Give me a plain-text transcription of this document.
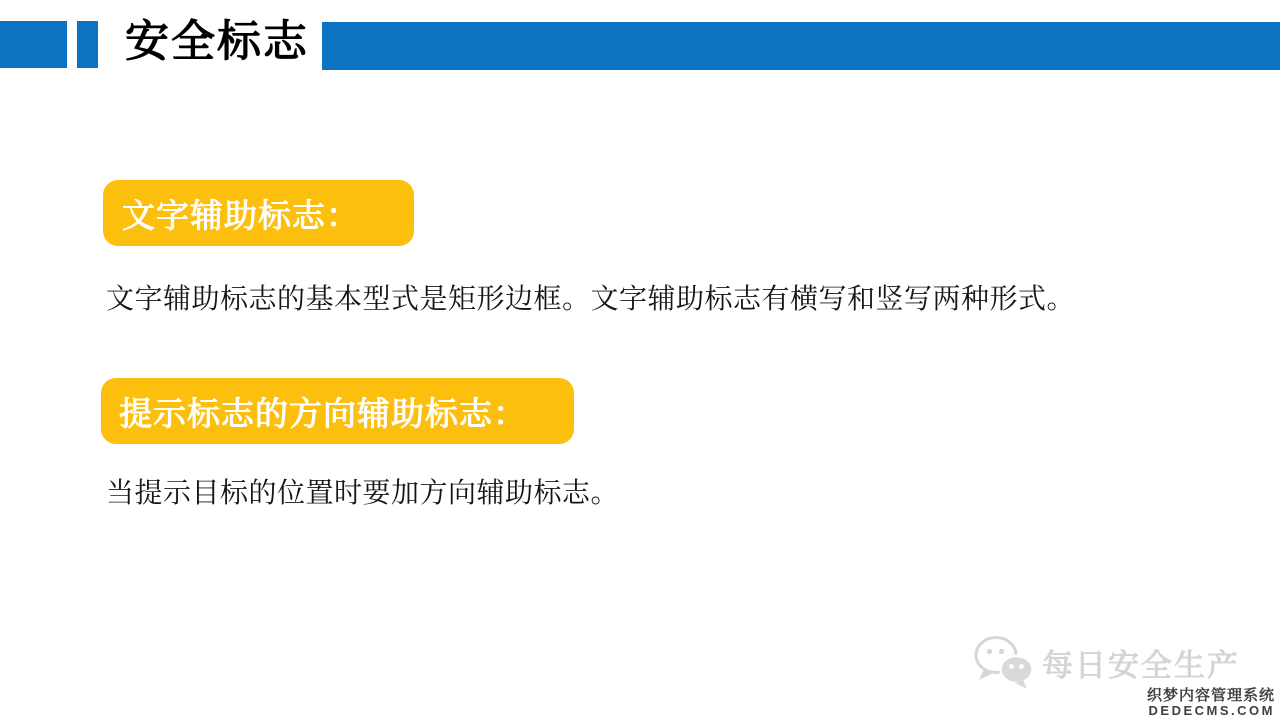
安全标志
文字辅助标志：

文字辅助标志的基本型式是矩形边框。文字辅助标志有横写和竖写两种形式。

提示标志的方向辅助标志：

当提示目标的位置时要加方向辅助标志。

每日安全生产
织梦内容管理系统
DEDECMS.COM
